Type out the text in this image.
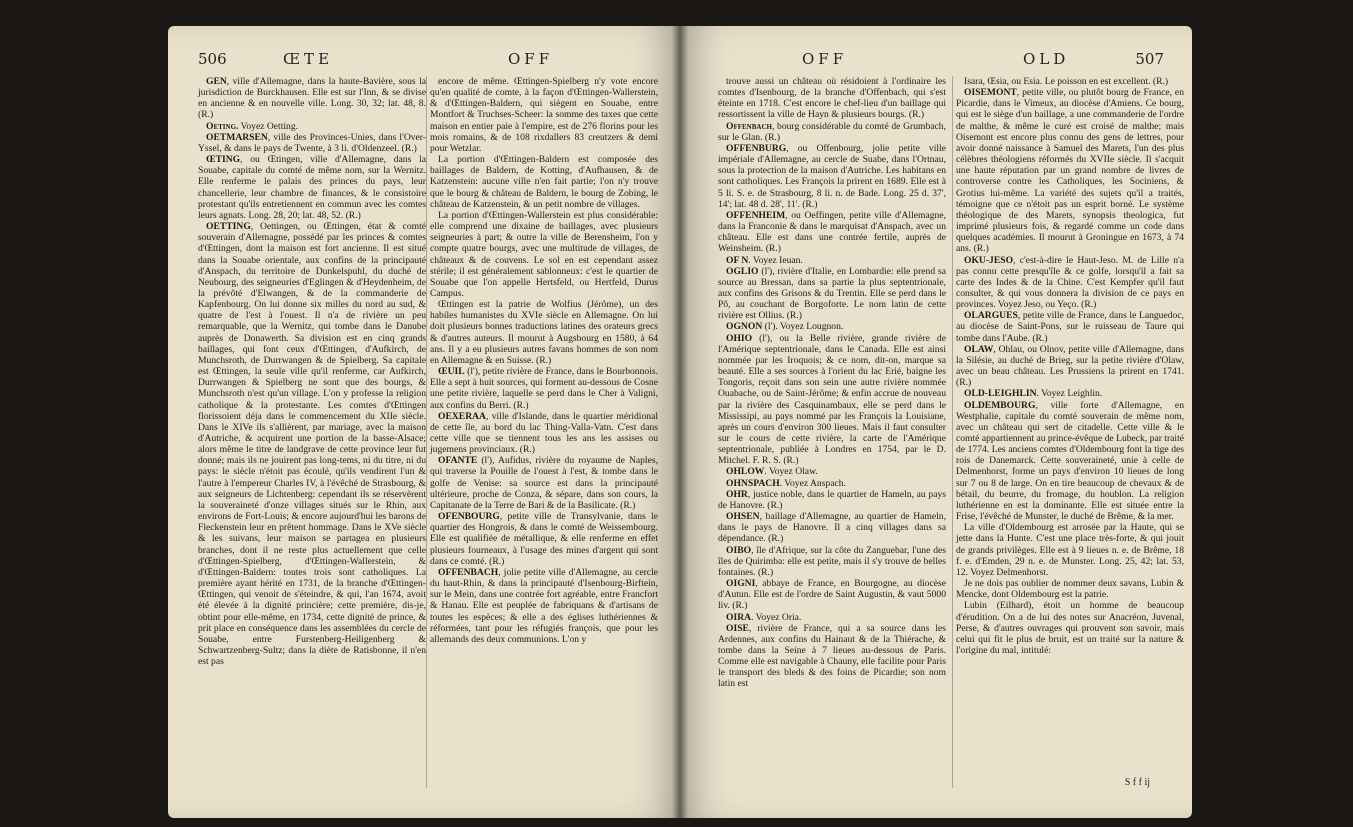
506	ŒTE	OFF

GEN, ville d'Allemagne, dans la haute-Bavière, sous la jurisdiction de Burckhausen. Elle est sur l'Inn, & se divise en ancienne & en nouvelle ville. Long. 30, 32; lat. 48, 8. (R.)

Oeting. Voyez Oetting.

OETMARSEN, ville des Provinces-Unies, dans l'Over-Yssel, & dans le pays de Twente, à 3 li. d'Oldenzeel. (R.)

ŒTING, ou Œtingen, ville d'Allemagne, dans la Souabe, capitale du comté de même nom, sur la Wernitz. Elle renferme le palais des princes du pays, leur chancellerie, leur chambre de finances, & le consistoire protestant qu'ils entretiennent en commun avec les comtes leurs agnats. Long. 28, 20; lat. 48, 52. (R.)

OETTING, Oettingen, ou Œttingen, état & comté souverain d'Allemagne, possédé par les princes & comtes d'Œttingen, dont la maison est fort ancienne. Il est situé dans la Souabe orientale, aux confins de la principauté d'Anspach, du territoire de Dunkelspuhl, du duché de Neubourg, des seigneuries d'Eglingen & d'Heydenheim, de la prévôté d'Elwangen, & de la commanderie de Kapfenbourg. On lui donne six milles du nord au sud, & quatre de l'est à l'ouest. Il n'a de rivière un peu remarquable, que la Wernitz, qui tombe dans le Danube auprès de Donawerth. Sa division est en cinq grands baillages, qui font ceux d'Œttingen, d'Aufkirch, de Munchsroth, de Durrwangen & de Spielberg. Sa capitale est Œttingen, la seule ville qu'il renferme, car Aufkirch, Durrwangen & Spielberg ne sont que des bourgs, & Munchsroth n'est qu'un village. L'on y professe la religion catholique & la protestante. Les comtes d'Œttingen florissoient déja dans le commencement du XIIe siècle. Dans le XIVe ils s'allièrent, par mariage, avec la maison d'Autriche, & acquirent une portion de la basse-Alsace; alors même le titre de landgrave de cette province leur fut donné; mais ils ne jouirent pas long-tems, ni du titre, ni du pays: le siècle n'étoit pas écoulé, qu'ils vendirent l'un & l'autre à l'empereur Charles IV, à l'évêché de Strasbourg, & aux seigneurs de Lichtenberg: cependant ils se réservèrent la souveraineté d'onze villages situés sur le Rhin, aux environs de Fort-Louis; & encore aujourd'hui les barons de Fleckenstein leur en prêtent hommage. Dans le XVe siècle & les suivans, leur maison se partagea en plusieurs branches, dont il ne reste plus actuellement que celle d'Œttingen-Spielberg, d'Œttingen-Wallerstein, & d'Œttingen-Baldern: toutes trois sont catholiques. La première ayant hérité en 1731, de la branche d'Œttingen-Œttingen, qui venoit de s'éteindre, & qui, l'an 1674, avoit été élevée à la dignité princière; cette première, dis-je, obtint pour elle-même, en 1734, cette dignité de prince, & prit place en conséquence dans les assemblées du cercle de Souabe, entre Furstenberg-Heiligenberg & Schwartzenberg-Sultz; dans la diète de Ratisbonne, il n'en est pas

encore de même. Œttingen-Spielberg n'y vote encore qu'en qualité de comte, à la façon d'Œttingen-Wallerstein, & d'Œttingen-Baldern, qui siègent en Souabe, entre Montfort & Truchses-Scheer: la somme des taxes que cette maison en entier paie à l'empire, est de 276 florins pour les mois romains, & de 108 rixdallers 83 creutzers & demi pour Wetzlar.

La portion d'Œttingen-Baldern est composée des baillages de Baldern, de Kotting, d'Aufhausen, & de Katzenstein: aucune ville n'en fait partie; l'on n'y trouve que le bourg & château de Baldern, le bourg de Zobing, le château de Katzenstein, & un petit nombre de villages.

La portion d'Œttingen-Wallerstein est plus considérable: elle comprend une dixaine de baillages, avec plusieurs seigneuries à part; & outre la ville de Berensheim, l'on y compte quatre bourgs, avec une multitude de villages, de châteaux & de couvens. Le sol en est cependant assez stérile; il est généralement sablonneux: c'est le quartier de Souabe que l'on appelle Hertsfeld, ou Hertfeld, Durus Campus.

Œttingen est la patrie de Wolfius (Jérôme), un des habiles humanistes du XVIe siècle en Allemagne. On lui doit plusieurs bonnes traductions latines des orateurs grecs & d'autres auteurs. Il mourut à Augsbourg en 1580, à 64 ans. Il y a eu plusieurs autres favans hommes de son nom en Allemagne & en Suisse. (R.)

ŒUIL (l'), petite rivière de France, dans le Bourbonnois. Elle a sept à huit sources, qui forment au-dessous de Cosne une petite rivière, laquelle se perd dans le Cher à Valigni, aux confins du Berri. (R.)

OEXERAA, ville d'Islande, dans le quartier méridional de cette île, au bord du lac Thing-Valla-Vatn. C'est dans cette ville que se tiennent tous les ans les assises ou jugemens provinciaux. (R.)

OFANTE (l'), Aufidus, rivière du royaume de Naples, qui traverse la Pouille de l'ouest à l'est, & tombe dans le golfe de Venise: sa source est dans la principauté ultérieure, proche de Conza, & sépare, dans son cours, la Capitanate de la Terre de Bari & de la Basilicate. (R.)

OFENBOURG, petite ville de Transylvanie, dans le quartier des Hongrois, & dans le comté de Weissembourg. Elle est qualifiée de métallique, & elle renferme en effet plusieurs fourneaux, à l'usage des mines d'argent qui sont dans ce comté. (R.)

OFFENBACH, jolie petite ville d'Allemagne, au cercle du haut-Rhin, & dans la principauté d'Isenbourg-Birftein, sur le Mein, dans une contrée fort agréable, entre Francfort & Hanau. Elle est peuplée de fabriquans & d'artisans de toutes les espèces; & elle a des églises luthériennes & réformées, tant pour les réfugiés françois, que pour les allemands des deux communions. L'on y

OFF	OLD	507

trouve aussi un château où résidoient à l'ordinaire les comtes d'Isenbourg, de la branche d'Offenbach, qui s'est éteinte en 1718. C'est encore le chef-lieu d'un baillage qui ressortissent la ville de Hayn & plusieurs bourgs. (R.)

Offenbach, bourg considérable du comté de Grumbach, sur le Glan. (R.)

OFFENBURG, ou Offenbourg, jolie petite ville impériale d'Allemagne, au cercle de Suabe, dans l'Ortnau, sous la protection de la maison d'Autriche. Les habitans en sont catholiques. Les François la prirent en 1689. Elle est à 5 li. S. e. de Strasbourg, 8 li. n. de Bade. Long. 25 d. 37', 14'; lat. 48 d. 28', 11'. (R.)

OFFENHEIM, ou Oeffingen, petite ville d'Allemagne, dans la Franconie & dans le marquisat d'Anspach, avec un château. Elle est dans une contrée fertile, auprès de Weinsheim. (R.)

OF N. Voyez Ieuan.

OGLIO (l'), rivière d'Italie, en Lombardie: elle prend sa source au Bressan, dans sa partie la plus septentrionale, aux confins des Grisons & du Trentin. Elle se perd dans le Pô, au couchant de Borgoforte. Le nom latin de cette rivière est Ollius. (R.)

OGNON (l'). Voyez Lougnon.

OHIO (l'), ou la Belle rivière, grande rivière de l'Amérique septentrionale, dans le Canada. Elle est ainsi nommée par les Iroquois; & ce nom, dit-on, marque sa beauté. Elle a ses sources à l'orient du lac Erié, baigne les Tongoris, reçoit dans son sein une autre rivière nommée Ouabache, ou de Saint-Jérôme; & enfin accrue de nouveau par la rivière des Casquinambaux, elle se perd dans le Mississipi, au pays nommé par les François la Louisiane, après un cours d'environ 300 lieues. Mais il faut consulter sur le cours de cette rivière, la carte de l'Amérique septentrionale, publiée à Londres en 1754, par le D. Mitchel. F. R. S. (R.)

OHLOW. Voyez Olaw.

OHNSPACH. Voyez Anspach.

OHR, justice noble, dans le quartier de Hameln, au pays de Hanovre. (R.)

OHSEN, baillage d'Allemagne, au quartier de Hameln, dans le pays de Hanovre. Il a cinq villages dans sa dépendance. (R.)

OIBO, île d'Afrique, sur la côte du Zanguebar, l'une des îles de Quirimba: elle est petite, mais il s'y trouve de belles fontaines. (R.)

OIGNI, abbaye de France, en Bourgogne, au diocèse d'Autun. Elle est de l'ordre de Saint Augustin, & vaut 5000 liv. (R.)

OIRA. Voyez Oria.

OISE, rivière de France, qui a sa source dans les Ardennes, aux confins du Hainaut & de la Thiérache, & tombe dans la Seine à 7 lieues au-dessous de Paris. Comme elle est navigable à Chauny, elle facilite pour Paris le transport des bleds & des foins de Picardie; son nom latin est

Isara, Œsia, ou Esia. Le poisson en est excellent. (R.)

OISEMONT, petite ville, ou plutôt bourg de France, en Picardie, dans le Vimeux, au diocèse d'Amiens. Ce bourg, qui est le siège d'un baillage, a une commanderie de l'ordre de malthe, & même le curé est croisé de malthe; mais Oisemont est encore plus connu des gens de lettres, pour avoir donné naissance à Samuel des Marets, l'un des plus célèbres théologiens réformés du XVIIe siècle. Il s'acquit une haute réputation par un grand nombre de livres de controverse contre les Catholiques, les Sociniens, & Grotius lui-même. La variété des sujets qu'il a traités, témoigne que ce n'étoit pas un esprit borné. Le système théologique de des Marets, synopsis theologica, fut imprimé plusieurs fois, & regardé comme un code dans quelques académies. Il mourut à Groningue en 1673, à 74 ans. (R.)

OKU-JESO, c'est-à-dire le Haut-Jeso. M. de Lille n'a pas connu cette presqu'île & ce golfe, lorsqu'il a fait sa carte des Indes & de la Chine. C'est Kempfer qu'il faut consulter, & qui vous donnera la division de ce pays en provinces. Voyez Jeso, ou Yeço. (R.)

OLARGUES, petite ville de France, dans le Languedoc, au diocèse de Saint-Pons, sur le ruisseau de Taure qui tombe dans l'Aube. (R.)

OLAW, Ohlau, ou Olnov, petite ville d'Allemagne, dans la Silésie, au duché de Brieg, sur la petite rivière d'Olaw, avec un beau château. Les Prussiens la prirent en 1741. (R.)

OLD-LEIGHLIN. Voyez Leighlin.

OLDEMBOURG, ville forte d'Allemagne, en Westphalie, capitale du comté souverain de même nom, avec un château qui sert de citadelle. Cette ville & le comté appartiennent au prince-évêque de Lubeck, par traité de 1774. Les anciens comtes d'Oldembourg font la tige des rois de Danemarck. Cette souveraineté, unie à celle de Delmenhorst, forme un pays d'environ 10 lieues de long sur 7 ou 8 de large. On en tire beaucoup de chevaux & de bétail, du beurre, du fromage, du houblon. La religion luthérienne en est la dominante. Elle est située entre la Frise, l'évêché de Munster, le duché de Brême, & la mer.

La ville d'Oldembourg est arrosée par la Haute, qui se jette dans la Hunte. C'est une place très-forte, & qui jouit de grands privilèges. Elle est à 9 lieues n. e. de Brême, 18 f. e. d'Emden, 29 n. e. de Munster. Long. 25, 42; lat. 53, 12. Voyez Delmenhorst.

Je ne dois pas oublier de nommer deux savans, Lubin & Mencke, dont Oldembourg est la patrie.

Lubin (Eilhard), étoit un homme de beaucoup d'érudition. On a de lui des notes sur Anacréon, Juvenal, Perse, & d'autres ouvrages qui prouvent son savoir, mais celui qui fit le plus de bruit, est un traité sur la nature & l'origine du mal, intitulé:

S f f ij
